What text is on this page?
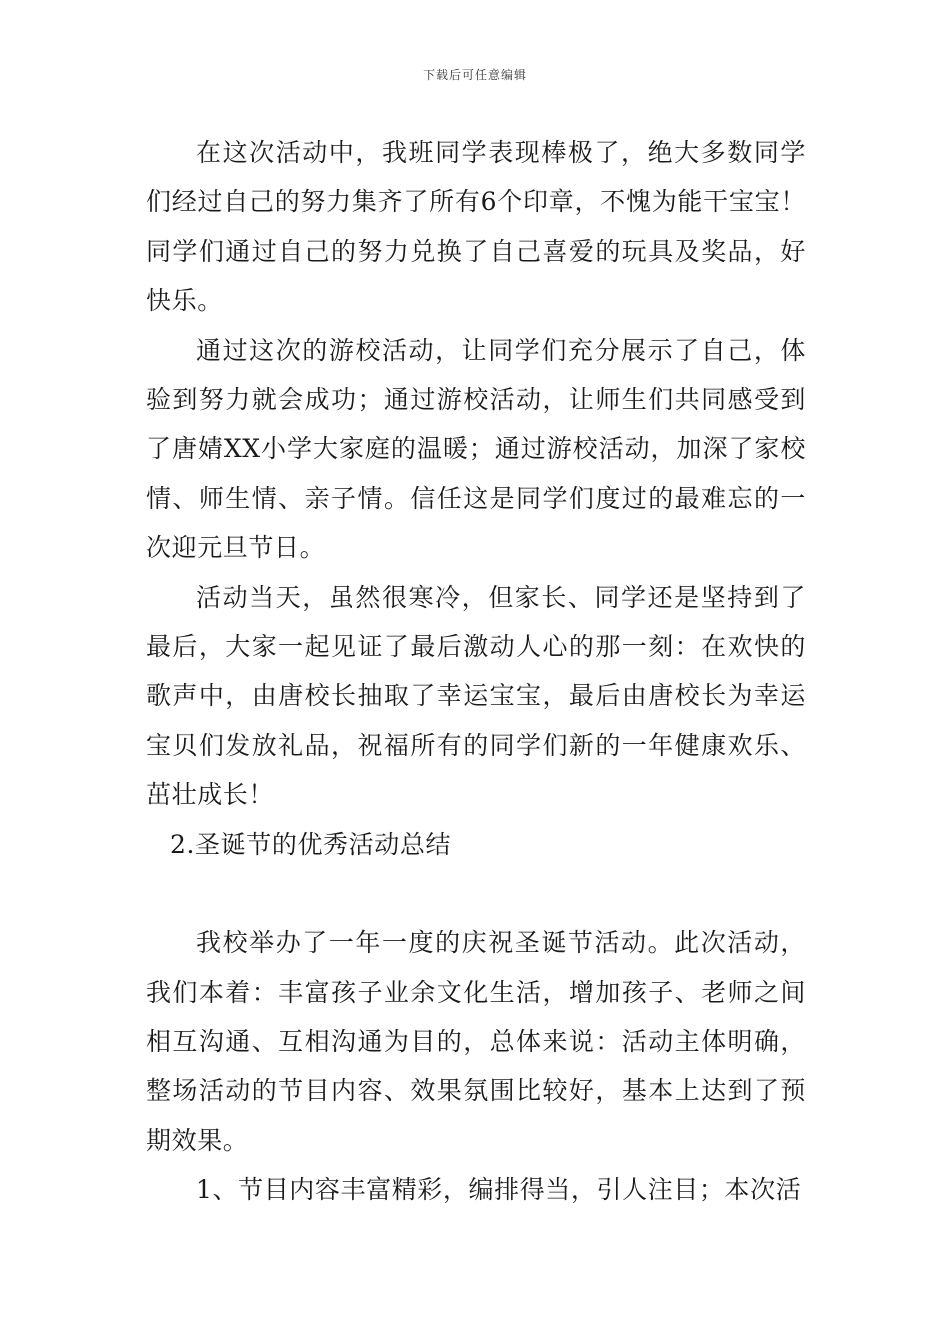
下载后可任意编辑

在这次活动中，我班同学表现棒极了，绝大多数同学们经过自己的努力集齐了所有6个印章，不愧为能干宝宝！同学们通过自己的努力兑换了自己喜爱的玩具及奖品，好快乐。

通过这次的游校活动，让同学们充分展示了自己，体验到努力就会成功；通过游校活动，让师生们共同感受到了唐婧XX小学大家庭的温暖；通过游校活动，加深了家校情、师生情、亲子情。信任这是同学们度过的最难忘的一次迎元旦节日。

活动当天，虽然很寒冷，但家长、同学还是坚持到了最后，大家一起见证了最后激动人心的那一刻：在欢快的歌声中，由唐校长抽取了幸运宝宝，最后由唐校长为幸运宝贝们发放礼品，祝福所有的同学们新的一年健康欢乐、茁壮成长！

2.圣诞节的优秀活动总结

我校举办了一年一度的庆祝圣诞节活动。此次活动，我们本着：丰富孩子业余文化生活，增加孩子、老师之间相互沟通、互相沟通为目的，总体来说：活动主体明确，整场活动的节目内容、效果氛围比较好，基本上达到了预期效果。

1、节目内容丰富精彩，编排得当，引人注目；本次活
